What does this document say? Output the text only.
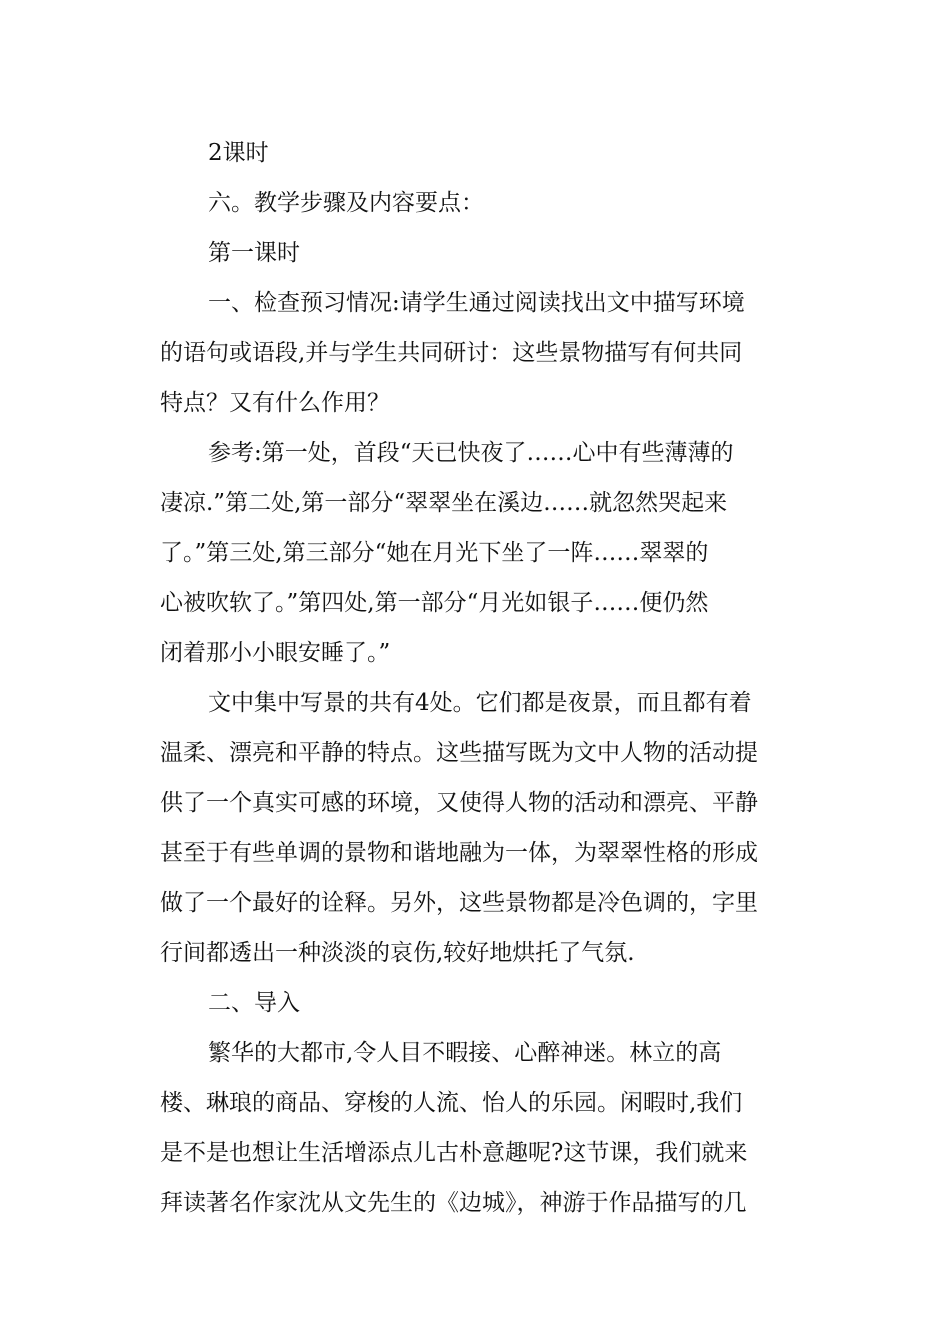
2课时
六。教学步骤及内容要点：
第一课时
一、检查预习情况:请学生通过阅读找出文中描写环境
的语句或语段,并与学生共同研讨：这些景物描写有何共同
特点？又有什么作用？
参考:第一处，首段“天已快夜了……心中有些薄薄的
凄凉.”第二处,第一部分“翠翠坐在溪边……就忽然哭起来
了。”第三处,第三部分“她在月光下坐了一阵……翠翠的
心被吹软了。”第四处,第一部分“月光如银子……便仍然
闭着那小小眼安睡了。”
文中集中写景的共有4处。它们都是夜景，而且都有着
温柔、漂亮和平静的特点。这些描写既为文中人物的活动提
供了一个真实可感的环境，又使得人物的活动和漂亮、平静
甚至于有些单调的景物和谐地融为一体，为翠翠性格的形成
做了一个最好的诠释。另外，这些景物都是冷色调的，字里
行间都透出一种淡淡的哀伤,较好地烘托了气氛.
二、导入
繁华的大都市,令人目不暇接、心醉神迷。林立的高
楼、琳琅的商品、穿梭的人流、怡人的乐园。闲暇时,我们
是不是也想让生活增添点儿古朴意趣呢?这节课，我们就来
拜读著名作家沈从文先生的《边城》，神游于作品描写的几
